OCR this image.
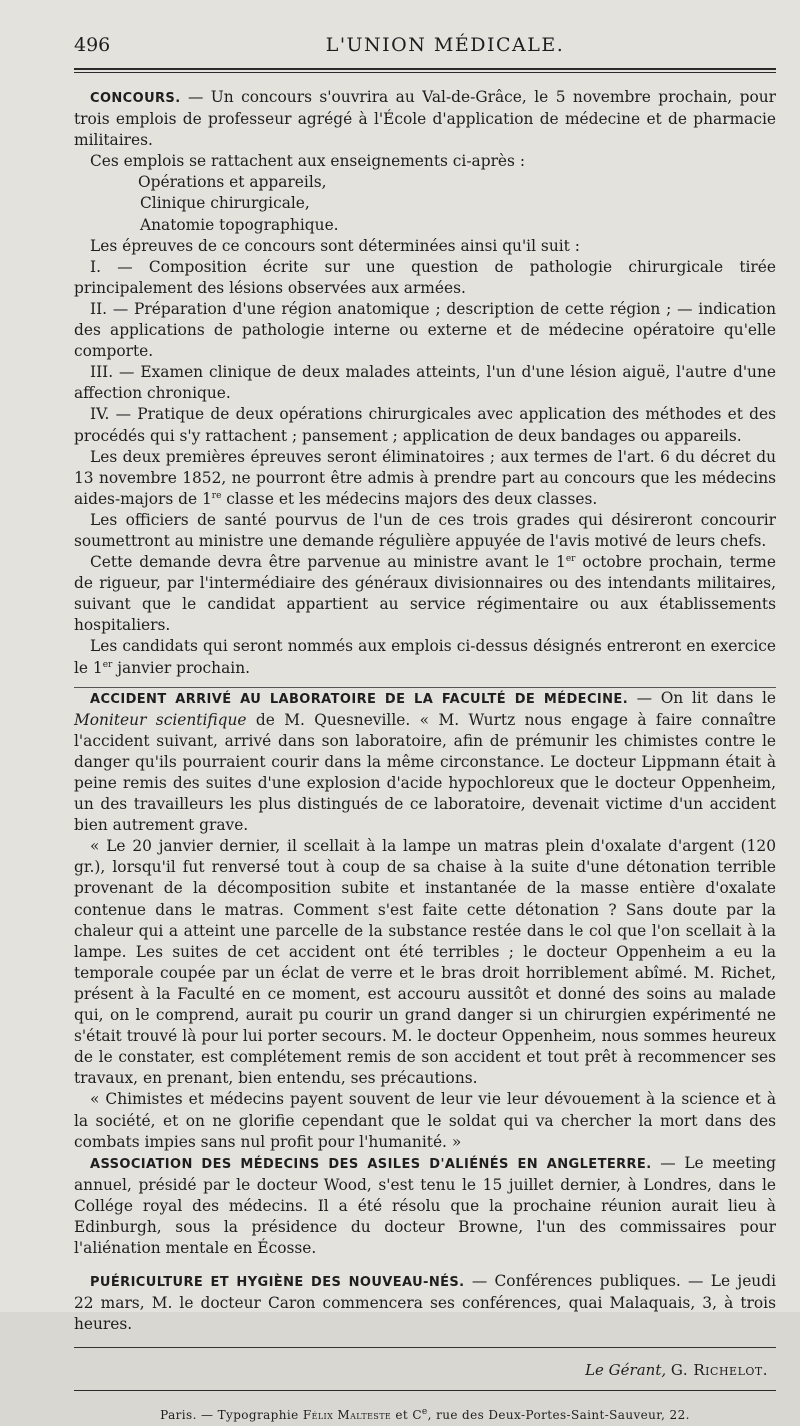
496	L'UNION MÉDICALE.

CONCOURS. — Un concours s'ouvrira au Val-de-Grâce, le 5 novembre prochain, pour trois emplois de professeur agrégé à l'École d'application de médecine et de pharmacie militaires.

Ces emplois se rattachent aux enseignements ci-après :

Opérations et appareils,
Clinique chirurgicale,
Anatomie topographique.

Les épreuves de ce concours sont déterminées ainsi qu'il suit :

I. — Composition écrite sur une question de pathologie chirurgicale tirée principalement des lésions observées aux armées.

II. — Préparation d'une région anatomique ; description de cette région ; — indication des applications de pathologie interne ou externe et de médecine opératoire qu'elle comporte.

III. — Examen clinique de deux malades atteints, l'un d'une lésion aiguë, l'autre d'une affection chronique.

IV. — Pratique de deux opérations chirurgicales avec application des méthodes et des procédés qui s'y rattachent ; pansement ; application de deux bandages ou appareils.

Les deux premières épreuves seront éliminatoires ; aux termes de l'art. 6 du décret du 13 novembre 1852, ne pourront être admis à prendre part au concours que les médecins aides-majors de 1re classe et les médecins majors des deux classes.

Les officiers de santé pourvus de l'un de ces trois grades qui désireront concourir soumettront au ministre une demande régulière appuyée de l'avis motivé de leurs chefs.

Cette demande devra être parvenue au ministre avant le 1er octobre prochain, terme de rigueur, par l'intermédiaire des généraux divisionnaires ou des intendants militaires, suivant que le candidat appartient au service régimentaire ou aux établissements hospitaliers.

Les candidats qui seront nommés aux emplois ci-dessus désignés entreront en exercice le 1er janvier prochain.

ACCIDENT ARRIVÉ AU LABORATOIRE DE LA FACULTÉ DE MÉDECINE. — On lit dans le Moniteur scientifique de M. Quesneville. « M. Wurtz nous engage à faire connaître l'accident suivant, arrivé dans son laboratoire, afin de prémunir les chimistes contre le danger qu'ils pourraient courir dans la même circonstance. Le docteur Lippmann était à peine remis des suites d'une explosion d'acide hypochloreux que le docteur Oppenheim, un des travailleurs les plus distingués de ce laboratoire, devenait victime d'un accident bien autrement grave.

« Le 20 janvier dernier, il scellait à la lampe un matras plein d'oxalate d'argent (120 gr.), lorsqu'il fut renversé tout à coup de sa chaise à la suite d'une détonation terrible provenant de la décomposition subite et instantanée de la masse entière d'oxalate contenue dans le matras. Comment s'est faite cette détonation ? Sans doute par la chaleur qui a atteint une parcelle de la substance restée dans le col que l'on scellait à la lampe. Les suites de cet accident ont été terribles ; le docteur Oppenheim a eu la temporale coupée par un éclat de verre et le bras droit horriblement abîmé. M. Richet, présent à la Faculté en ce moment, est accouru aussitôt et donné des soins au malade qui, on le comprend, aurait pu courir un grand danger si un chirurgien expérimenté ne s'était trouvé là pour lui porter secours. M. le docteur Oppenheim, nous sommes heureux de le constater, est complétement remis de son accident et tout prêt à recommencer ses travaux, en prenant, bien entendu, ses précautions.

« Chimistes et médecins payent souvent de leur vie leur dévouement à la science et à la société, et on ne glorifie cependant que le soldat qui va chercher la mort dans des combats impies sans nul profit pour l'humanité. »

ASSOCIATION DES MÉDECINS DES ASILES D'ALIÉNÉS EN ANGLETERRE. — Le meeting annuel, présidé par le docteur Wood, s'est tenu le 15 juillet dernier, à Londres, dans le Collége royal des médecins. Il a été résolu que la prochaine réunion aurait lieu à Edinburgh, sous la présidence du docteur Browne, l'un des commissaires pour l'aliénation mentale en Écosse.

PUÉRICULTURE ET HYGIÈNE DES NOUVEAU-NÉS. — Conférences publiques. — Le jeudi 22 mars, M. le docteur Caron commencera ses conférences, quai Malaquais, 3, à trois heures.

Le Gérant, G. Richelot.
Paris. — Typographie Félix Malteste et Ce, rue des Deux-Portes-Saint-Sauveur, 22.
